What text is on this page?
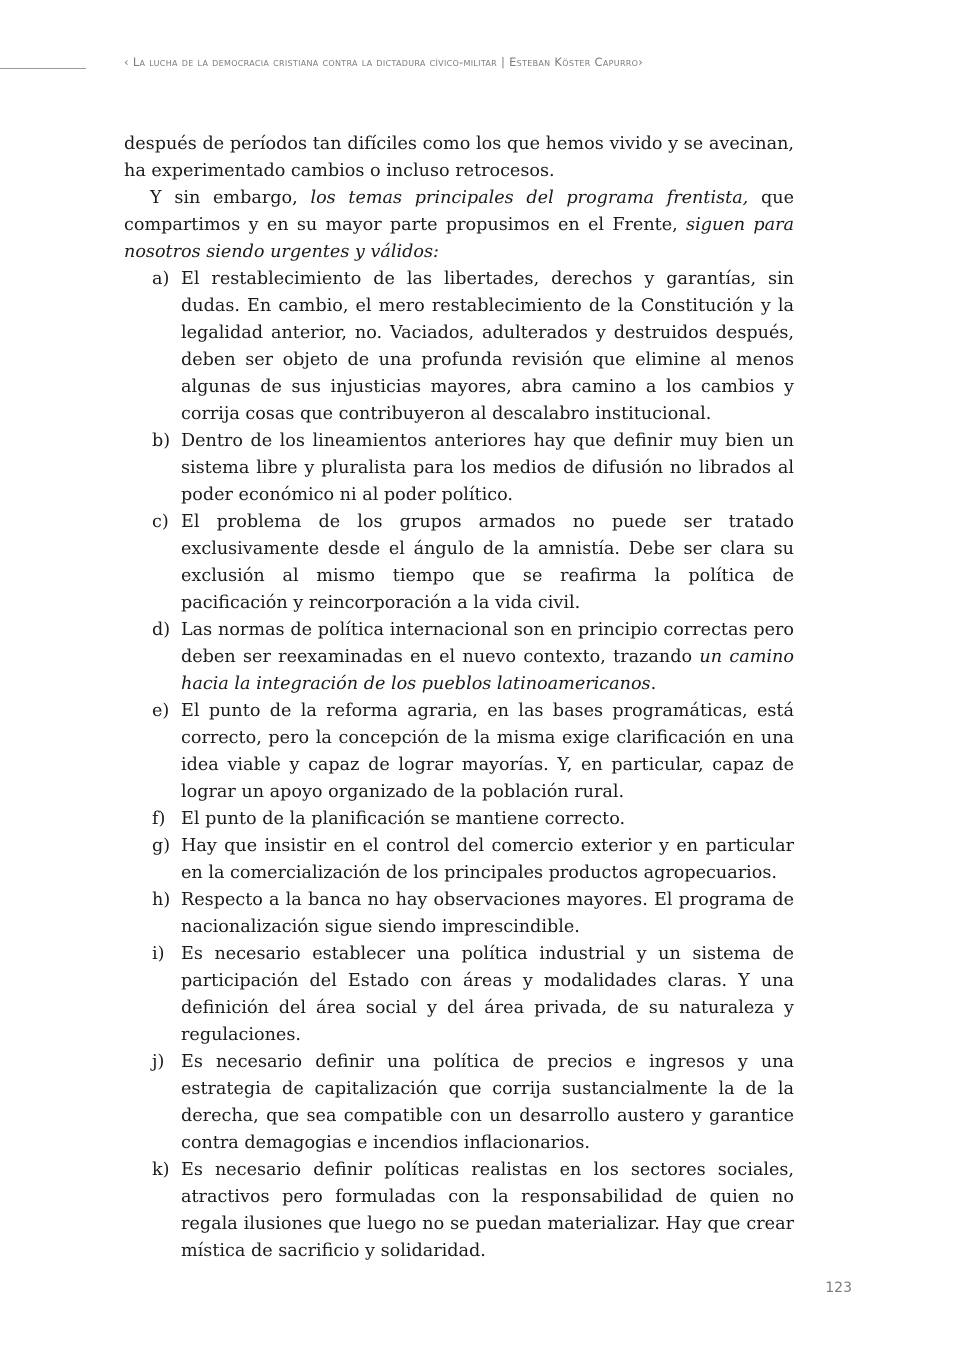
‹ La lucha de la democracia cristiana contra la dictadura cívico-militar | Esteban Köster Capurro›

después de períodos tan difíciles como los que hemos vivido y se avecinan, ha experimentado cambios o incluso retrocesos.

Y sin embargo, los temas principales del programa frentista, que compartimos y en su mayor parte propusimos en el Frente, siguen para nosotros siendo urgentes y válidos:

a) El restablecimiento de las libertades, derechos y garantías, sin dudas. En cambio, el mero restablecimiento de la Constitución y la legalidad anterior, no. Vaciados, adulterados y destruidos después, deben ser objeto de una profunda revisión que elimine al menos algunas de sus injusticias mayores, abra camino a los cambios y corrija cosas que contribuyeron al descalabro institucional.
b) Dentro de los lineamientos anteriores hay que definir muy bien un sistema libre y pluralista para los medios de difusión no librados al poder económico ni al poder político.
c) El problema de los grupos armados no puede ser tratado exclusivamente desde el ángulo de la amnistía. Debe ser clara su exclusión al mismo tiempo que se reafirma la política de pacificación y reincorporación a la vida civil.
d) Las normas de política internacional son en principio correctas pero deben ser reexaminadas en el nuevo contexto, trazando un camino hacia la integración de los pueblos latinoamericanos.
e) El punto de la reforma agraria, en las bases programáticas, está correcto, pero la concepción de la misma exige clarificación en una idea viable y capaz de lograr mayorías. Y, en particular, capaz de lograr un apoyo organizado de la población rural.
f) El punto de la planificación se mantiene correcto.
g) Hay que insistir en el control del comercio exterior y en particular en la comercialización de los principales productos agropecuarios.
h) Respecto a la banca no hay observaciones mayores. El programa de nacionalización sigue siendo imprescindible.
i) Es necesario establecer una política industrial y un sistema de participación del Estado con áreas y modalidades claras. Y una definición del área social y del área privada, de su naturaleza y regulaciones.
j) Es necesario definir una política de precios e ingresos y una estrategia de capitalización que corrija sustancialmente la de la derecha, que sea compatible con un desarrollo austero y garantice contra demagogias e incendios inflacionarios.
k) Es necesario definir políticas realistas en los sectores sociales, atractivos pero formuladas con la responsabilidad de quien no regala ilusiones que luego no se puedan materializar. Hay que crear mística de sacrificio y solidaridad.
123
